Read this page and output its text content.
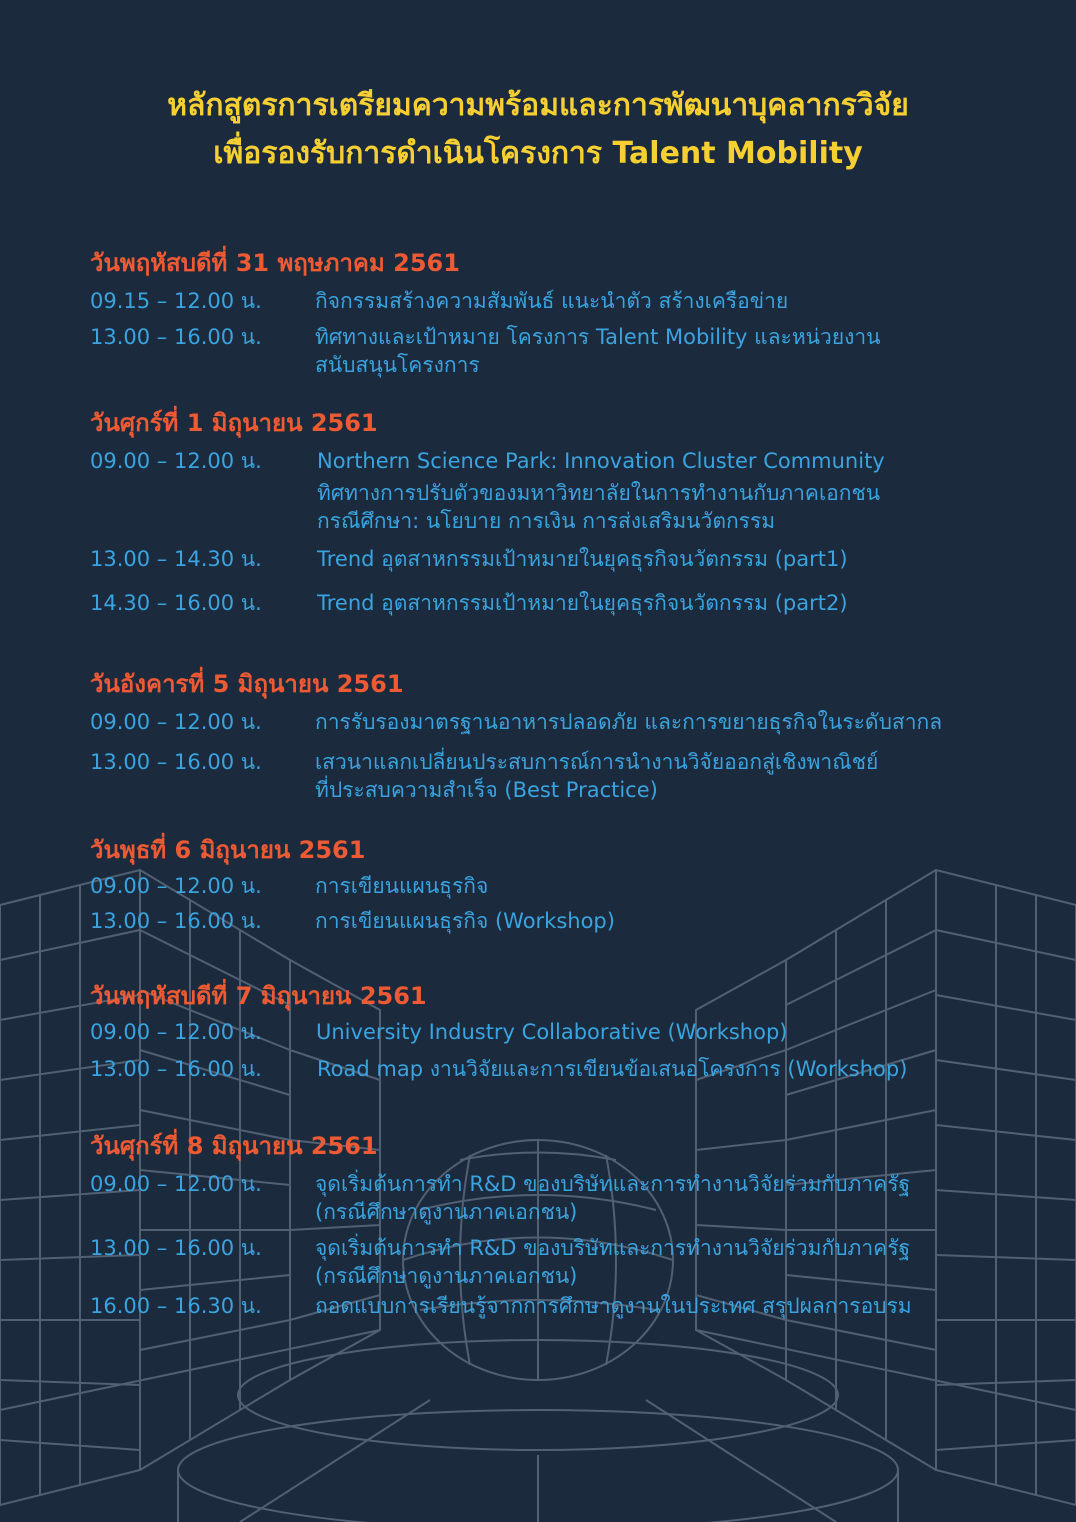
หลักสูตรการเตรียมความพร้อมและการพัฒนาบุคลากรวิจัย
เพื่อรองรับการดำเนินโครงการ Talent Mobility
วันพฤหัสบดีที่ 31 พฤษภาคม 2561
09.15 – 12.00 น.	กิจกรรมสร้างความสัมพันธ์ แนะนำตัว สร้างเครือข่าย
13.00 – 16.00 น.	ทิศทางและเป้าหมาย โครงการ Talent Mobility และหน่วยงาน
สนับสนุนโครงการ
วันศุกร์ที่ 1 มิถุนายน 2561
09.00 – 12.00 น.	Northern Science Park: Innovation Cluster Community
ทิศทางการปรับตัวของมหาวิทยาลัยในการทำงานกับภาคเอกชน
กรณีศึกษา: นโยบาย การเงิน การส่งเสริมนวัตกรรม
13.00 – 14.30 น.	Trend อุตสาหกรรมเป้าหมายในยุคธุรกิจนวัตกรรม (part1)
14.30 – 16.00 น.	Trend อุตสาหกรรมเป้าหมายในยุคธุรกิจนวัตกรรม (part2)
วันอังคารที่ 5 มิถุนายน 2561
09.00 – 12.00 น.	การรับรองมาตรฐานอาหารปลอดภัย และการขยายธุรกิจในระดับสากล
13.00 – 16.00 น.	เสวนาแลกเปลี่ยนประสบการณ์การนำงานวิจัยออกสู่เชิงพาณิชย์
ที่ประสบความสำเร็จ (Best Practice)
วันพุธที่ 6 มิถุนายน 2561
09.00 – 12.00 น.	การเขียนแผนธุรกิจ
13.00 – 16.00 น.	การเขียนแผนธุรกิจ (Workshop)
วันพฤหัสบดีที่ 7 มิถุนายน 2561
09.00 – 12.00 น.	University Industry Collaborative (Workshop)
13.00 – 16.00 น.	Road map งานวิจัยและการเขียนข้อเสนอโครงการ (Workshop)
วันศุกร์ที่ 8 มิถุนายน 2561
09.00 – 12.00 น.	จุดเริ่มต้นการทำ R&D ของบริษัทและการทำงานวิจัยร่วมกับภาครัฐ
(กรณีศึกษาดูงานภาคเอกชน)
13.00 – 16.00 น.	จุดเริ่มต้นการทำ R&D ของบริษัทและการทำงานวิจัยร่วมกับภาครัฐ
(กรณีศึกษาดูงานภาคเอกชน)
16.00 – 16.30 น.	ถอดแบบการเรียนรู้จากการศึกษาดูงานในประเทศ สรุปผลการอบรม
